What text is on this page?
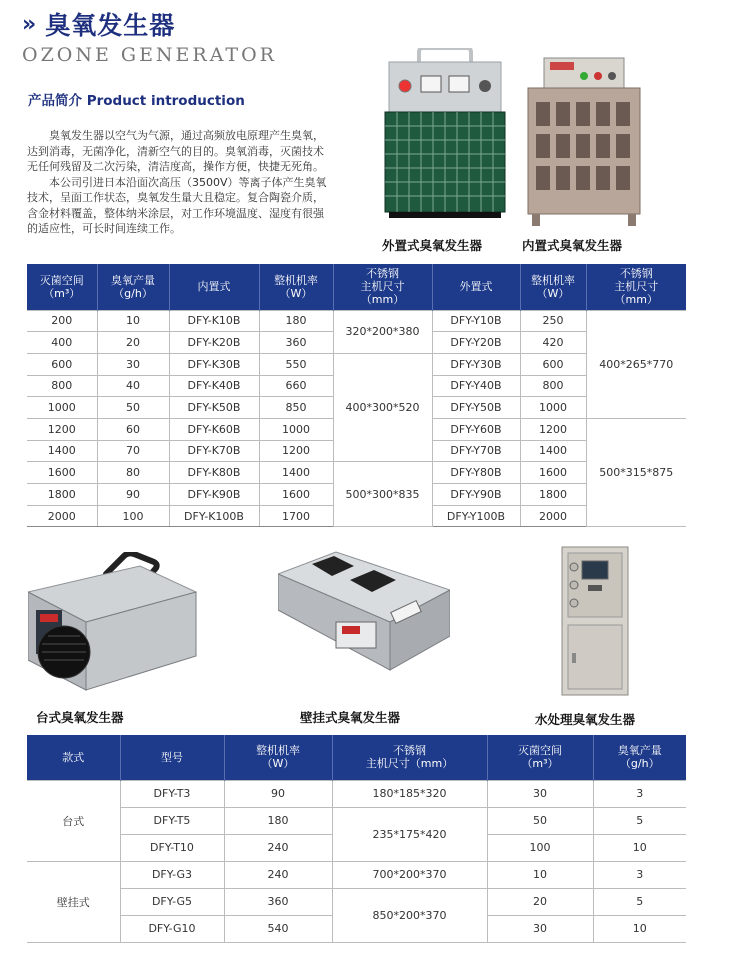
» 臭氧发生器
OZONE GENERATOR
产品简介 Product introduction

臭氧发生器以空气为气源，通过高频放电原理产生臭氧，达到消毒，无菌净化，清新空气的目的。臭氧消毒，灭菌技术无任何残留及二次污染，清洁度高，操作方便，快捷无死角。

本公司引进日本沿面次高压（3500V）等离子体产生臭氧技术，呈面工作状态，臭氧发生量大且稳定。复合陶瓷介质，含金材料覆盖，整体纳米涂层，对工作环境温度、湿度有很强的适应性，可长时间连续工作。

外置式臭氧发生器	内置式臭氧发生器
灭菌空间
（m³）	臭氧产量
（g/h）	内置式	整机机率
（W）	不锈钢
主机尺寸
（mm）	外置式	整机机率
（W）	不锈钢
主机尺寸
（mm）
200	10	DFY-K10B	180	320*200*380	DFY-Y10B	250	400*265*770
400	20	DFY-K20B	360		DFY-Y20B	420	
600	30	DFY-K30B	550	400*300*520	DFY-Y30B	600	
800	40	DFY-K40B	660		DFY-Y40B	800	
1000	50	DFY-K50B	850		DFY-Y50B	1000	
1200	60	DFY-K60B	1000		DFY-Y60B	1200	500*315*875
1400	70	DFY-K70B	1200		DFY-Y70B	1400	
1600	80	DFY-K80B	1400	500*300*835	DFY-Y80B	1600	
1800	90	DFY-K90B	1600		DFY-Y90B	1800	
2000	100	DFY-K100B	1700		DFY-Y100B	2000	
台式臭氧发生器	壁挂式臭氧发生器	水处理臭氧发生器
款式	型号	整机机率
（W）	不锈钢
主机尺寸（mm）	灭菌空间
（m³）	臭氧产量
（g/h）
台式	DFY-T3	90	180*185*320	30	3
	DFY-T5	180	235*175*420	50	5
	DFY-T10	240		100	10
壁挂式	DFY-G3	240	700*200*370	10	3
	DFY-G5	360	850*200*370	20	5
	DFY-G10	540		30	10
